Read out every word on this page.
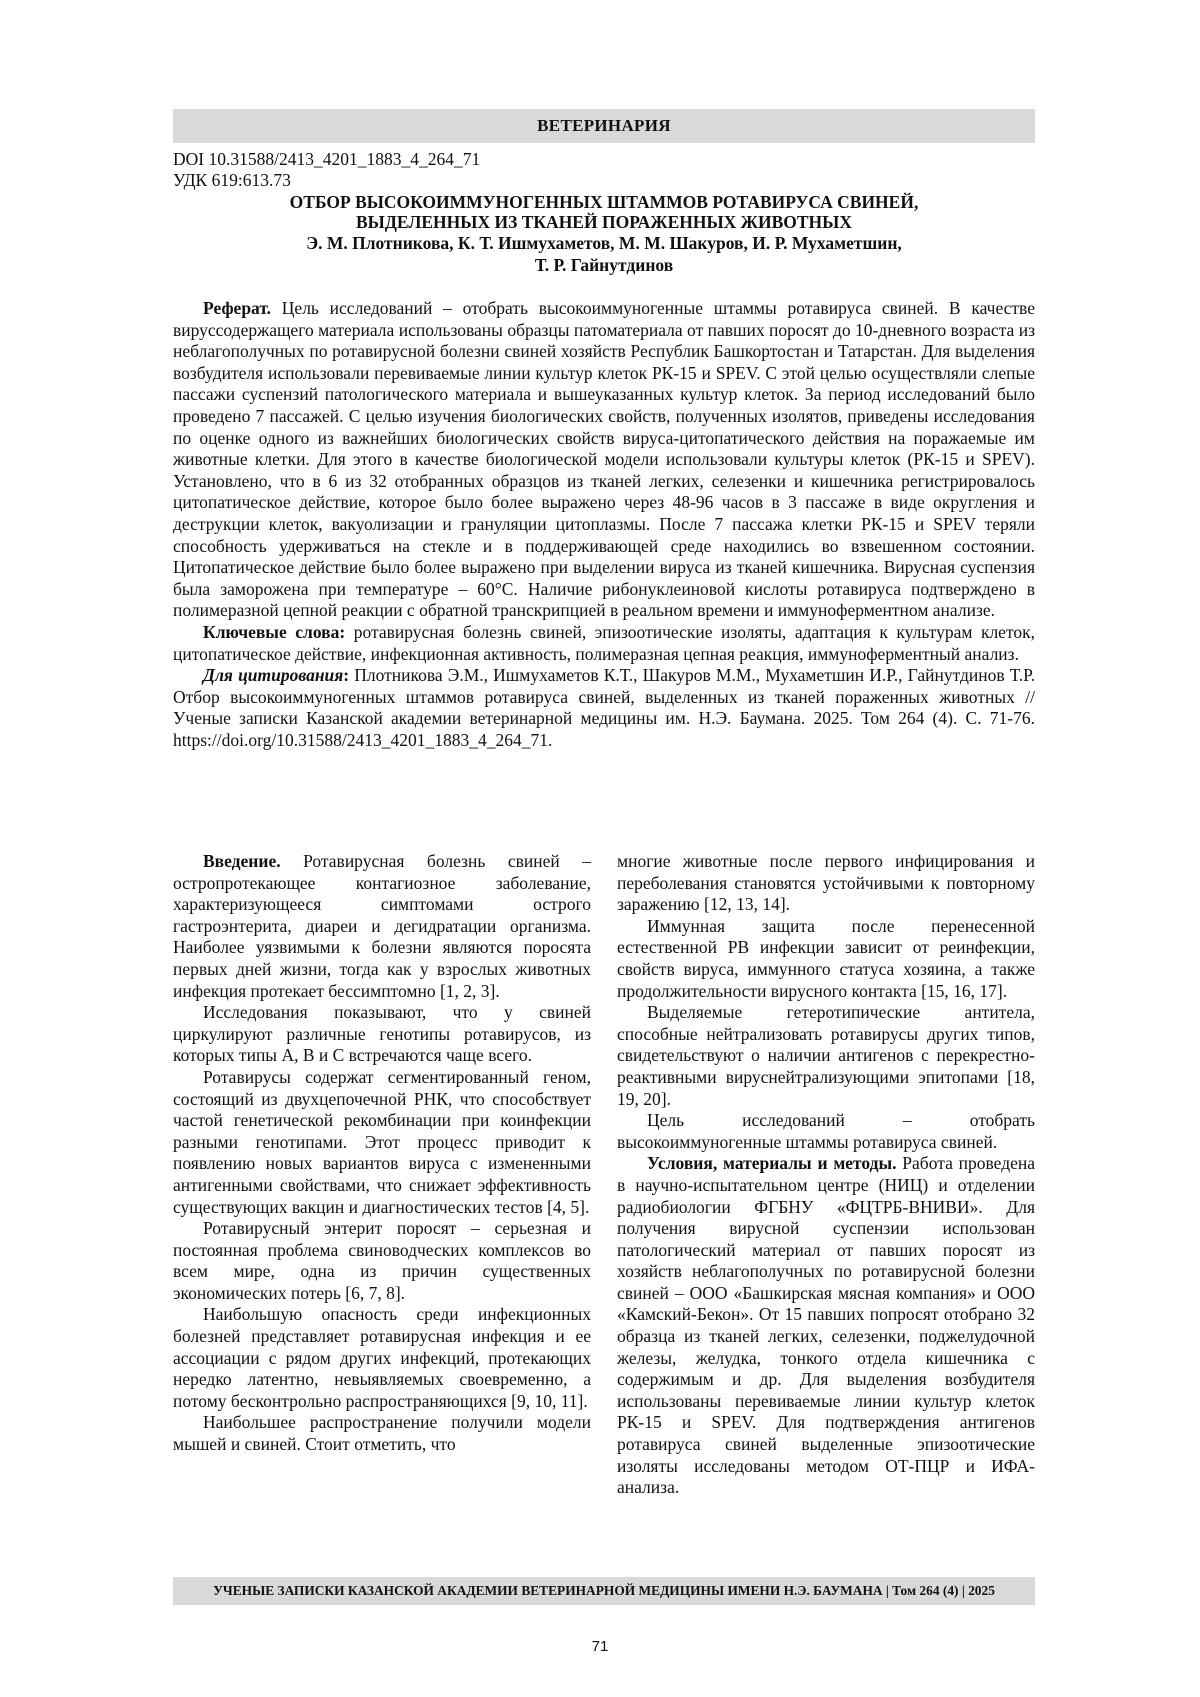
ВЕТЕРИНАРИЯ
DOI 10.31588/2413_4201_1883_4_264_71
УДК 619:613.73
ОТБОР ВЫСОКОИММУНОГЕННЫХ ШТАММОВ РОТАВИРУСА СВИНЕЙ,
ВЫДЕЛЕННЫХ ИЗ ТКАНЕЙ ПОРАЖЕННЫХ ЖИВОТНЫХ
Э. М. Плотникова, К. Т. Ишмухаметов, М. М. Шакуров, И. Р. Мухаметшин,
Т. Р. Гайнутдинов

Реферат. Цель исследований – отобрать высокоиммуногенные штаммы ротавируса свиней. В качестве вируссодержащего материала использованы образцы патоматериала от павших поросят до 10-дневного возраста из неблагополучных по ротавирусной болезни свиней хозяйств Республик Башкортостан и Татарстан. Для выделения возбудителя использовали перевиваемые линии культур клеток РК-15 и SPEV. С этой целью осуществляли слепые пассажи суспензий патологического материала и вышеуказанных культур клеток. За период исследований было проведено 7 пассажей. С целью изучения биологических свойств, полученных изолятов, приведены исследования по оценке одного из важнейших биологических свойств вируса-цитопатического действия на поражаемые им животные клетки. Для этого в качестве биологической модели использовали культуры клеток (РК-15 и SPEV). Установлено, что в 6 из 32 отобранных образцов из тканей легких, селезенки и кишечника регистрировалось цитопатическое действие, которое было более выражено через 48-96 часов в 3 пассаже в виде округления и деструкции клеток, вакуолизации и грануляции цитоплазмы. После 7 пассажа клетки РК-15 и SPEV теряли способность удерживаться на стекле и в поддерживающей среде находились во взвешенном состоянии. Цитопатическое действие было более выражено при выделении вируса из тканей кишечника. Вирусная суспензия была заморожена при температуре – 60°С. Наличие рибонуклеиновой кислоты ротавируса подтверждено в полимеразной цепной реакции с обратной транскрипцией в реальном времени и иммуноферментном анализе.

Ключевые слова: ротавирусная болезнь свиней, эпизоотические изоляты, адаптация к культурам клеток, цитопатическое действие, инфекционная активность, полимеразная цепная реакция, иммуноферментный анализ.

Для цитирования: Плотникова Э.М., Ишмухаметов К.Т., Шакуров М.М., Мухаметшин И.Р., Гайнутдинов Т.Р. Отбор высокоиммуногенных штаммов ротавируса свиней, выделенных из тканей пораженных животных // Ученые записки Казанской академии ветеринарной медицины им. Н.Э. Баумана. 2025. Том 264 (4). С. 71-76. https://doi.org/10.31588/2413_4201_1883_4_264_71.

Введение. Ротавирусная болезнь свиней – остропротекающее контагиозное заболевание, характеризующееся симптомами острого гастроэнтерита, диареи и дегидратации организма. Наиболее уязвимыми к болезни являются поросята первых дней жизни, тогда как у взрослых животных инфекция протекает бессимптомно [1, 2, 3].

Исследования показывают, что у свиней циркулируют различные генотипы ротавирусов, из которых типы А, В и С встречаются чаще всего.

Ротавирусы содержат сегментированный геном, состоящий из двухцепочечной РНК, что способствует частой генетической рекомбинации при коинфекции разными генотипами. Этот процесс приводит к появлению новых вариантов вируса с измененными антигенными свойствами, что снижает эффективность существующих вакцин и диагностических тестов [4, 5].

Ротавирусный энтерит поросят – серьезная и постоянная проблема свиноводческих комплексов во всем мире, одна из причин существенных экономических потерь [6, 7, 8].

Наибольшую опасность среди инфекционных болезней представляет ротавирусная инфекция и ее ассоциации с рядом других инфекций, протекающих нередко латентно, невыявляемых своевременно, а потому бесконтрольно распространяющихся [9, 10, 11].

Наибольшее распространение получили модели мышей и свиней. Стоит отметить, что

многие животные после первого инфицирования и переболевания становятся устойчивыми к повторному заражению [12, 13, 14].

Иммунная защита после перенесенной естественной РВ инфекции зависит от реинфекции, свойств вируса, иммунного статуса хозяина, а также продолжительности вирусного контакта [15, 16, 17].

Выделяемые гетеротипические антитела, способные нейтрализовать ротавирусы других типов, свидетельствуют о наличии антигенов с перекрестно-реактивными вируснейтрализующими эпитопами [18, 19, 20].

Цель исследований – отобрать высокоиммуногенные штаммы ротавируса свиней.

Условия, материалы и методы. Работа проведена в научно-испытательном центре (НИЦ) и отделении радиобиологии ФГБНУ «ФЦТРБ-ВНИВИ». Для получения вирусной суспензии использован патологический материал от павших поросят из хозяйств неблагополучных по ротавирусной болезни свиней – ООО «Башкирская мясная компания» и ООО «Камский-Бекон». От 15 павших попросят отобрано 32 образца из тканей легких, селезенки, поджелудочной железы, желудка, тонкого отдела кишечника с содержимым и др. Для выделения возбудителя использованы перевиваемые линии культур клеток РК-15 и SPEV. Для подтверждения антигенов ротавируса свиней выделенные эпизоотические изоляты исследованы методом ОТ-ПЦР и ИФА-анализа.

УЧЕНЫЕ ЗАПИСКИ КАЗАНСКОЙ АКАДЕМИИ ВЕТЕРИНАРНОЙ МЕДИЦИНЫ ИМЕНИ Н.Э. БАУМАНА | Том 264 (4) | 2025
71
